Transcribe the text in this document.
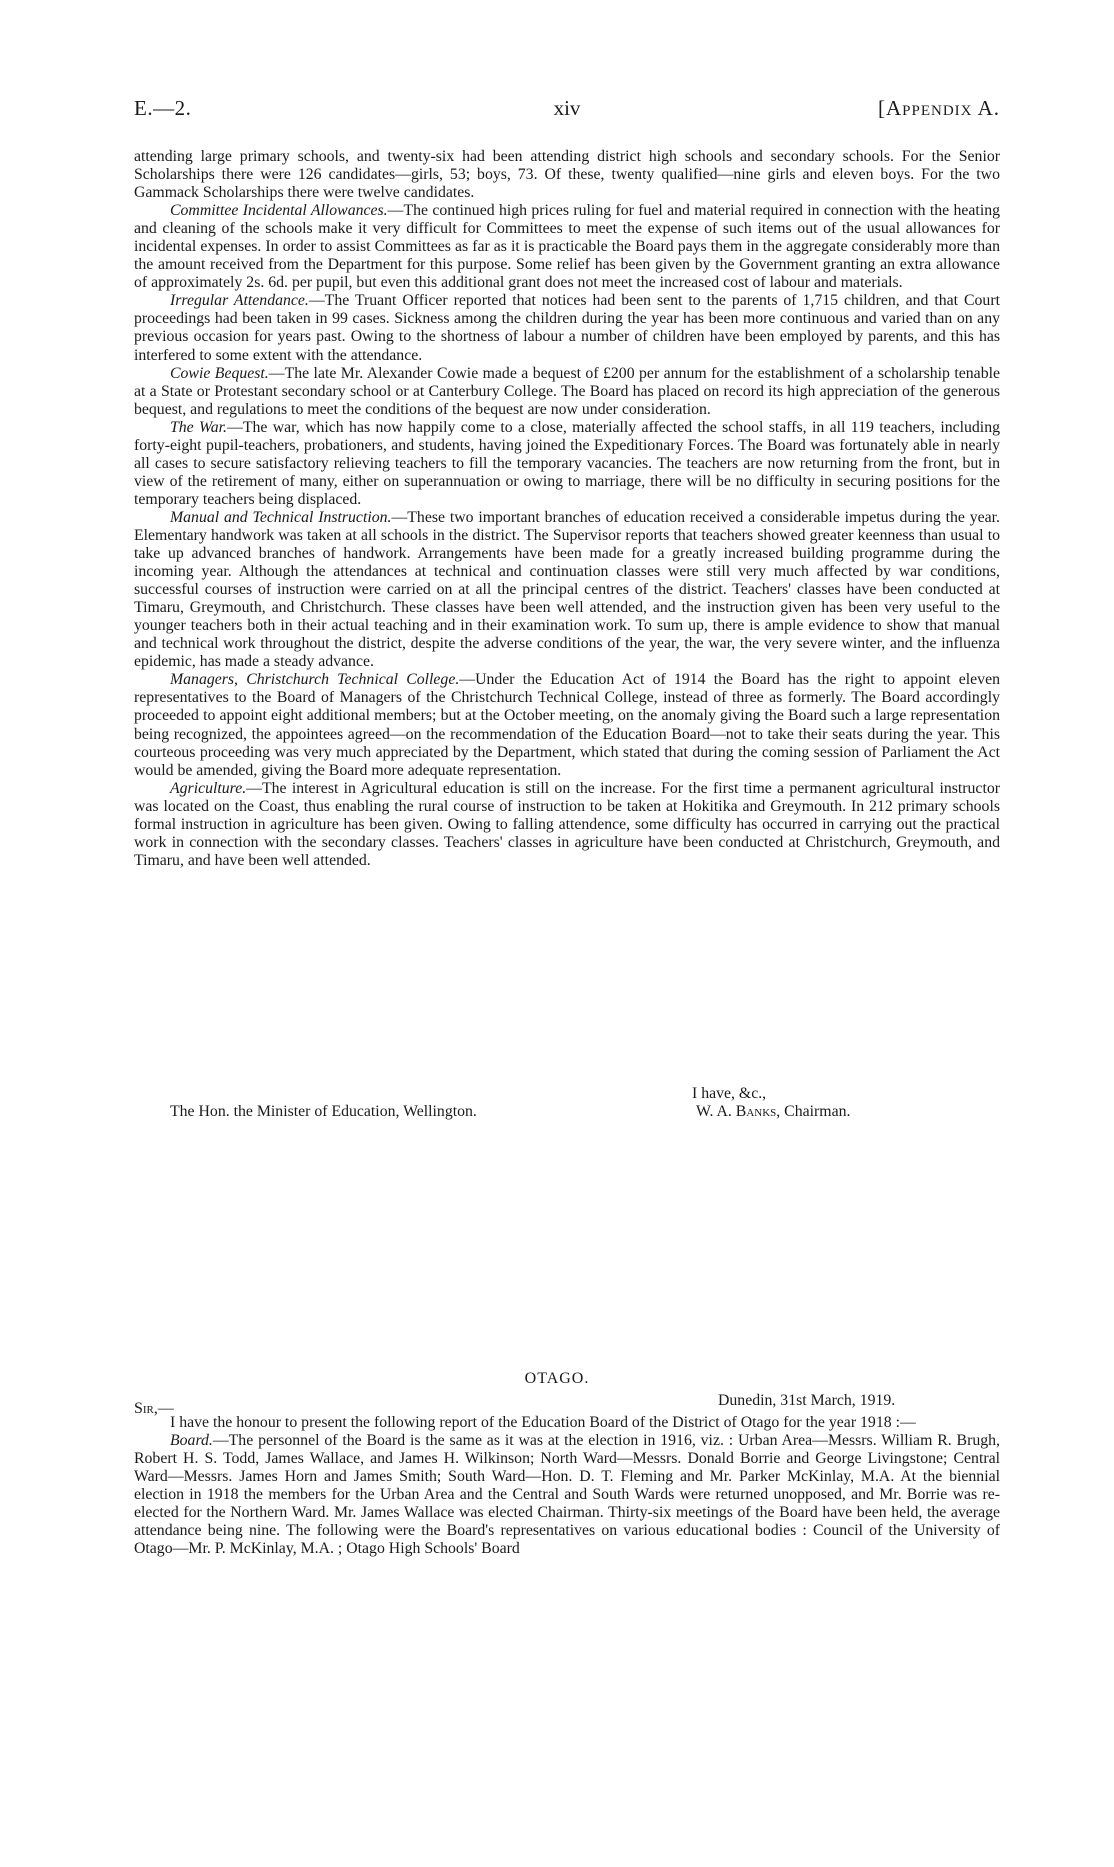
E.—2.	xiv	[Appendix A.

attending large primary schools, and twenty-six had been attending district high schools and secondary schools. For the Senior Scholarships there were 126 candidates—girls, 53; boys, 73. Of these, twenty qualified—nine girls and eleven boys. For the two Gammack Scholarships there were twelve candidates.

Committee Incidental Allowances.—The continued high prices ruling for fuel and material required in connection with the heating and cleaning of the schools make it very difficult for Committees to meet the expense of such items out of the usual allowances for incidental expenses. In order to assist Committees as far as it is practicable the Board pays them in the aggregate considerably more than the amount received from the Department for this purpose. Some relief has been given by the Government granting an extra allowance of approximately 2s. 6d. per pupil, but even this additional grant does not meet the increased cost of labour and materials.

Irregular Attendance.—The Truant Officer reported that notices had been sent to the parents of 1,715 children, and that Court proceedings had been taken in 99 cases. Sickness among the children during the year has been more continuous and varied than on any previous occasion for years past. Owing to the shortness of labour a number of children have been employed by parents, and this has interfered to some extent with the attendance.

Cowie Bequest.—The late Mr. Alexander Cowie made a bequest of £200 per annum for the establishment of a scholarship tenable at a State or Protestant secondary school or at Canterbury College. The Board has placed on record its high appreciation of the generous bequest, and regulations to meet the conditions of the bequest are now under consideration.

The War.—The war, which has now happily come to a close, materially affected the school staffs, in all 119 teachers, including forty-eight pupil-teachers, probationers, and students, having joined the Expeditionary Forces. The Board was fortunately able in nearly all cases to secure satisfactory relieving teachers to fill the temporary vacancies. The teachers are now returning from the front, but in view of the retirement of many, either on superannuation or owing to marriage, there will be no difficulty in securing positions for the temporary teachers being displaced.

Manual and Technical Instruction.—These two important branches of education received a considerable impetus during the year. Elementary handwork was taken at all schools in the district. The Supervisor reports that teachers showed greater keenness than usual to take up advanced branches of handwork. Arrangements have been made for a greatly increased building programme during the incoming year. Although the attendances at technical and continuation classes were still very much affected by war conditions, successful courses of instruction were carried on at all the principal centres of the district. Teachers' classes have been conducted at Timaru, Greymouth, and Christchurch. These classes have been well attended, and the instruction given has been very useful to the younger teachers both in their actual teaching and in their examination work. To sum up, there is ample evidence to show that manual and technical work throughout the district, despite the adverse conditions of the year, the war, the very severe winter, and the influenza epidemic, has made a steady advance.

Managers, Christchurch Technical College.—Under the Education Act of 1914 the Board has the right to appoint eleven representatives to the Board of Managers of the Christchurch Technical College, instead of three as formerly. The Board accordingly proceeded to appoint eight additional members; but at the October meeting, on the anomaly giving the Board such a large representation being recognized, the appointees agreed—on the recommendation of the Education Board—not to take their seats during the year. This courteous proceeding was very much appreciated by the Department, which stated that during the coming session of Parliament the Act would be amended, giving the Board more adequate representation.

Agriculture.—The interest in Agricultural education is still on the increase. For the first time a permanent agricultural instructor was located on the Coast, thus enabling the rural course of instruction to be taken at Hokitika and Greymouth. In 212 primary schools formal instruction in agriculture has been given. Owing to falling attendence, some difficulty has occurred in carrying out the practical work in connection with the secondary classes. Teachers' classes in agriculture have been conducted at Christchurch, Greymouth, and Timaru, and have been well attended.

I have, &c.,
The Hon. the Minister of Education, Wellington.	W. A. Banks, Chairman.
OTAGO.
Sir,—	Dunedin, 31st March, 1919.

I have the honour to present the following report of the Education Board of the District of Otago for the year 1918 :—

Board.—The personnel of the Board is the same as it was at the election in 1916, viz. : Urban Area—Messrs. William R. Brugh, Robert H. S. Todd, James Wallace, and James H. Wilkinson; North Ward—Messrs. Donald Borrie and George Livingstone; Central Ward—Messrs. James Horn and James Smith; South Ward—Hon. D. T. Fleming and Mr. Parker McKinlay, M.A. At the biennial election in 1918 the members for the Urban Area and the Central and South Wards were returned unopposed, and Mr. Borrie was re-elected for the Northern Ward. Mr. James Wallace was elected Chairman. Thirty-six meetings of the Board have been held, the average attendance being nine. The following were the Board's representatives on various educational bodies : Council of the University of Otago—Mr. P. McKinlay, M.A. ; Otago High Schools' Board
